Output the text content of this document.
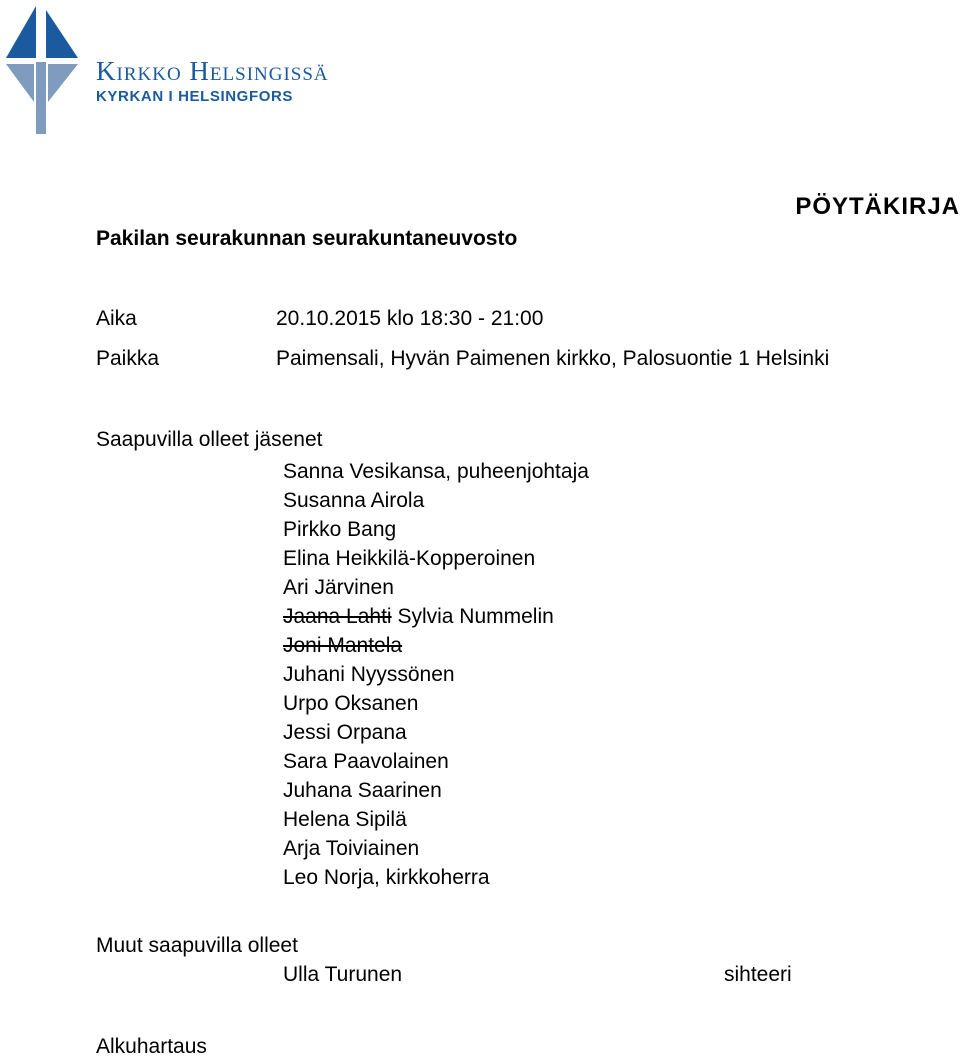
Kirkko Helsingissä
KYRKAN I HELSINGFORS
PÖYTÄKIRJA
Pakilan seurakunnan seurakuntaneuvosto
Aika	20.10.2015 klo 18:30 - 21:00
Paikka	Paimensali, Hyvän Paimenen kirkko, Palosuontie 1 Helsinki
Saapuvilla olleet jäsenet
Sanna Vesikansa, puheenjohtaja
Susanna Airola
Pirkko Bang
Elina Heikkilä-Kopperoinen
Ari Järvinen
Jaana Lahti Sylvia Nummelin
Joni Mantela
Juhani Nyyssönen
Urpo Oksanen
Jessi Orpana
Sara Paavolainen
Juhana Saarinen
Helena Sipilä
Arja Toiviainen
Leo Norja, kirkkoherra
Muut saapuvilla olleet
Ulla Turunen	sihteeri
Alkuhartaus
